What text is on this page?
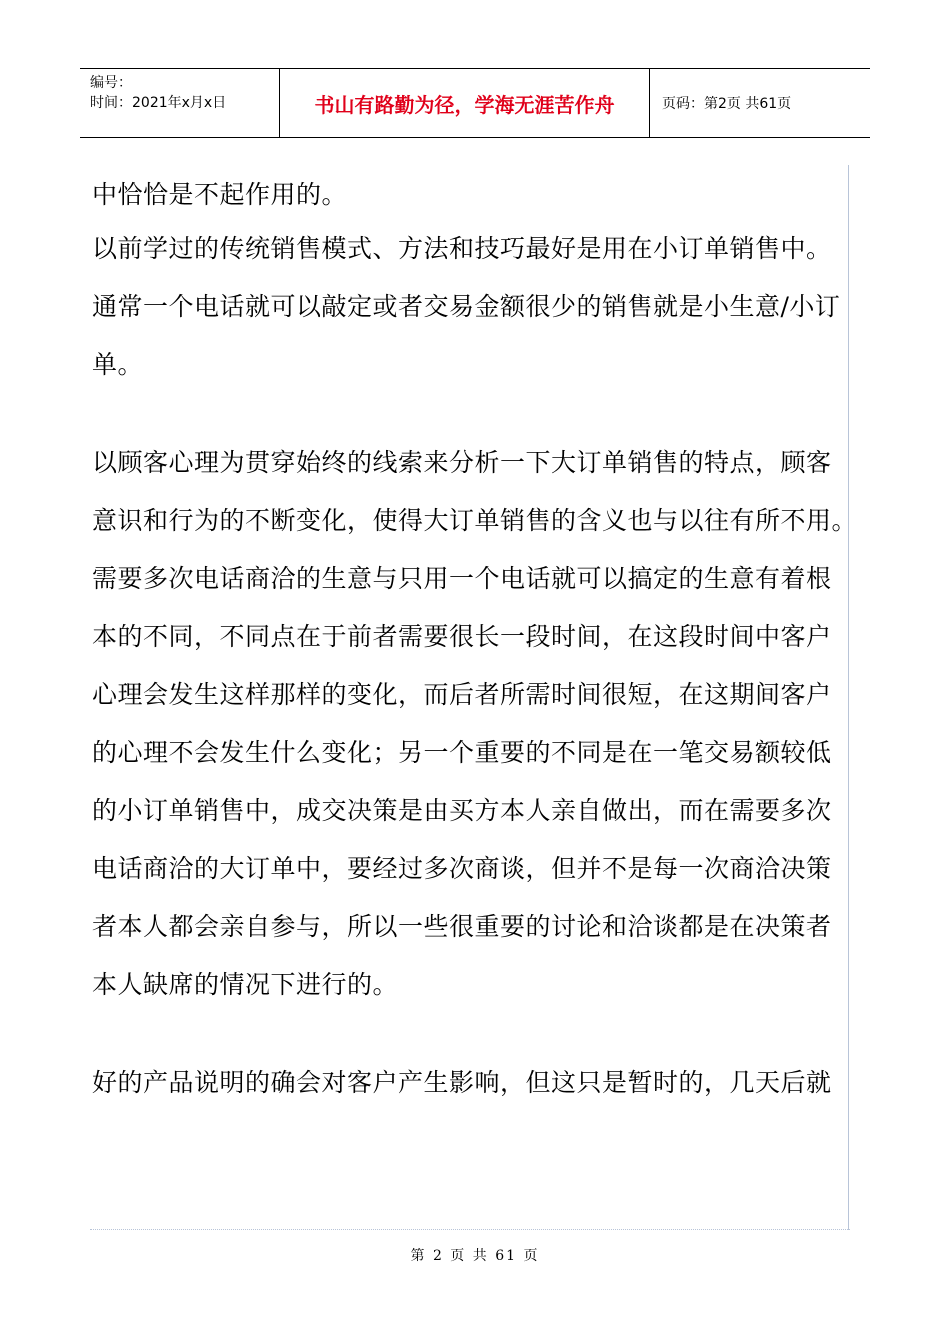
编号：
时间：2021年x月x日	书山有路勤为径，学海无涯苦作舟	页码：第2页 共61页
中恰恰是不起作用的。
以前学过的传统销售模式、方法和技巧最好是用在小订单销售中。
通常一个电话就可以敲定或者交易金额很少的销售就是小生意/小订
单。
以顾客心理为贯穿始终的线索来分析一下大订单销售的特点，顾客
意识和行为的不断变化，使得大订单销售的含义也与以往有所不用。
需要多次电话商洽的生意与只用一个电话就可以搞定的生意有着根
本的不同，不同点在于前者需要很长一段时间，在这段时间中客户
心理会发生这样那样的变化，而后者所需时间很短，在这期间客户
的心理不会发生什么变化；另一个重要的不同是在一笔交易额较低
的小订单销售中，成交决策是由买方本人亲自做出，而在需要多次
电话商洽的大订单中，要经过多次商谈，但并不是每一次商洽决策
者本人都会亲自参与，所以一些很重要的讨论和洽谈都是在决策者
本人缺席的情况下进行的。
好的产品说明的确会对客户产生影响，但这只是暂时的，几天后就
第 2 页 共 61 页
